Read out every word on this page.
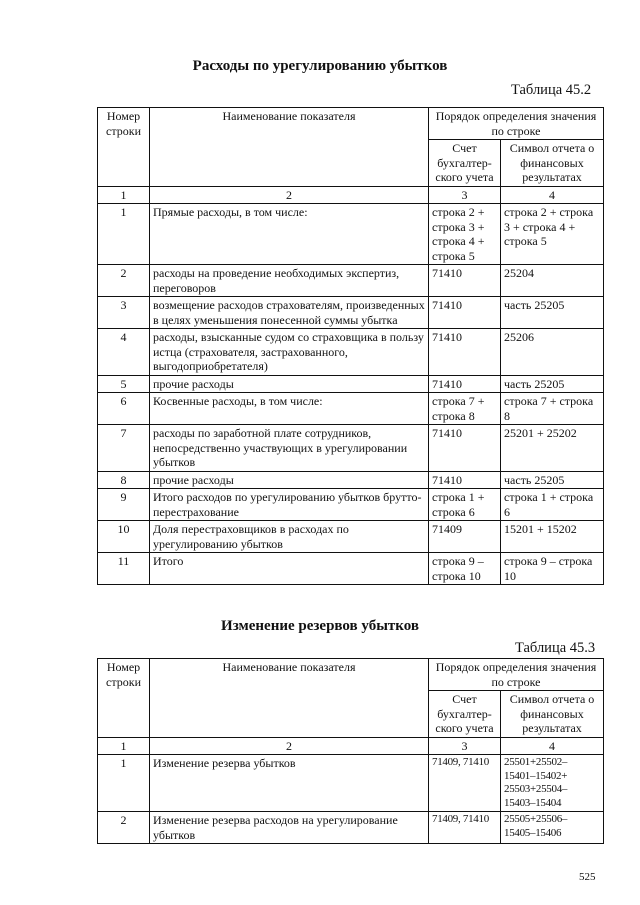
Расходы по урегулированию убытков
Таблица 45.2
Номер строки	Наименование показателя	Порядок определения значения по строке	
		Счет бухгалтер-ского учета	Символ отчета о финансовых результатах
1	2	3	4
1	Прямые расходы, в том числе:	строка 2 + строка 3 + строка 4 + строка 5	строка 2 + строка 3 + строка 4 + строка 5
2	расходы на проведение необходимых экспертиз, переговоров	71410	25204
3	возмещение расходов страхователям, произведенных в целях уменьшения понесенной суммы убытка	71410	часть 25205
4	расходы, взысканные судом со страховщика в пользу истца (страхователя, застрахованного, выгодоприобретателя)	71410	25206
5	прочие расходы	71410	часть 25205
6	Косвенные расходы, в том числе:	строка 7 + строка 8	строка 7 + строка 8
7	расходы по заработной плате сотрудников, непосредственно участвующих в урегулировании убытков	71410	25201 + 25202
8	прочие расходы	71410	часть 25205
9	Итого расходов по урегулированию убытков брутто-перестрахование	строка 1 + строка 6	строка 1 + строка 6
10	Доля перестраховщиков в расходах по урегулированию убытков	71409	15201 + 15202
11	Итого	строка 9 – строка 10	строка 9 – строка 10
Изменение резервов убытков
Таблица 45.3
Номер строки	Наименование показателя	Порядок определения значения по строке	
		Счет бухгалтер-ского учета	Символ отчета о финансовых результатах
1	2	3	4
1	Изменение резерва убытков	71409, 71410	25501+25502– 15401–15402+ 25503+25504– 15403–15404
2	Изменение резерва расходов на урегулирование убытков	71409, 71410	25505+25506– 15405–15406
525
